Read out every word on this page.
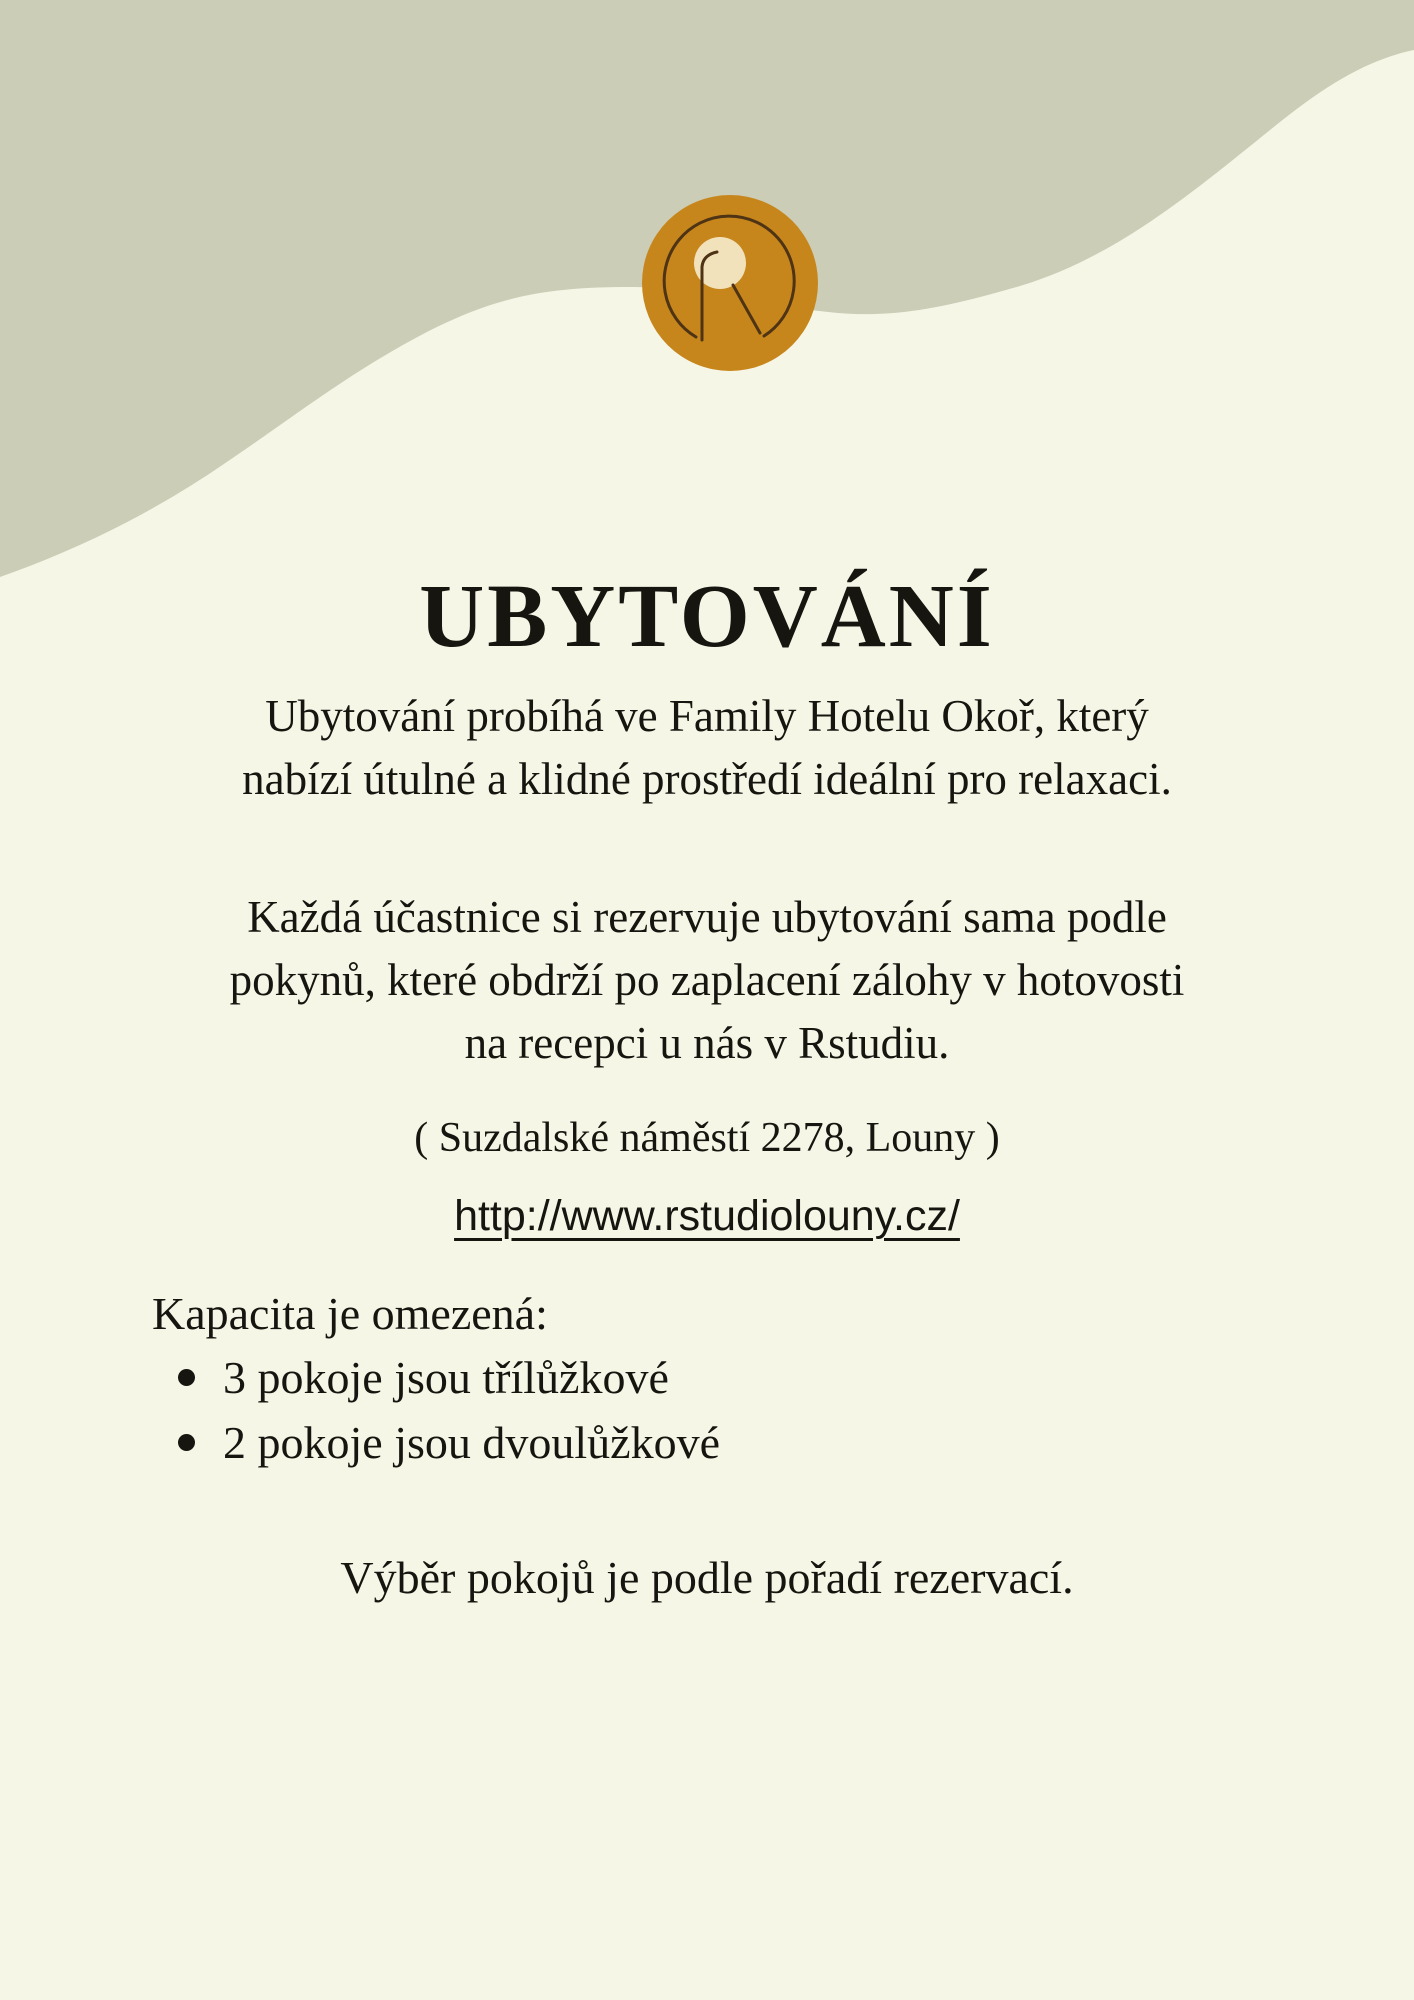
UBYTOVÁNÍ
Ubytování probíhá ve Family Hotelu Okoř, který
nabízí útulné a klidné prostředí ideální pro relaxaci.
Každá účastnice si rezervuje ubytování sama podle
pokynů, které obdrží po zaplacení zálohy v hotovosti
na recepci u nás v Rstudiu.
( Suzdalské náměstí 2278, Louny )
http://www.rstudiolouny.cz/
Kapacita je omezená:
3 pokoje jsou třílůžkové
2 pokoje jsou dvoulůžkové
Výběr pokojů je podle pořadí rezervací.
